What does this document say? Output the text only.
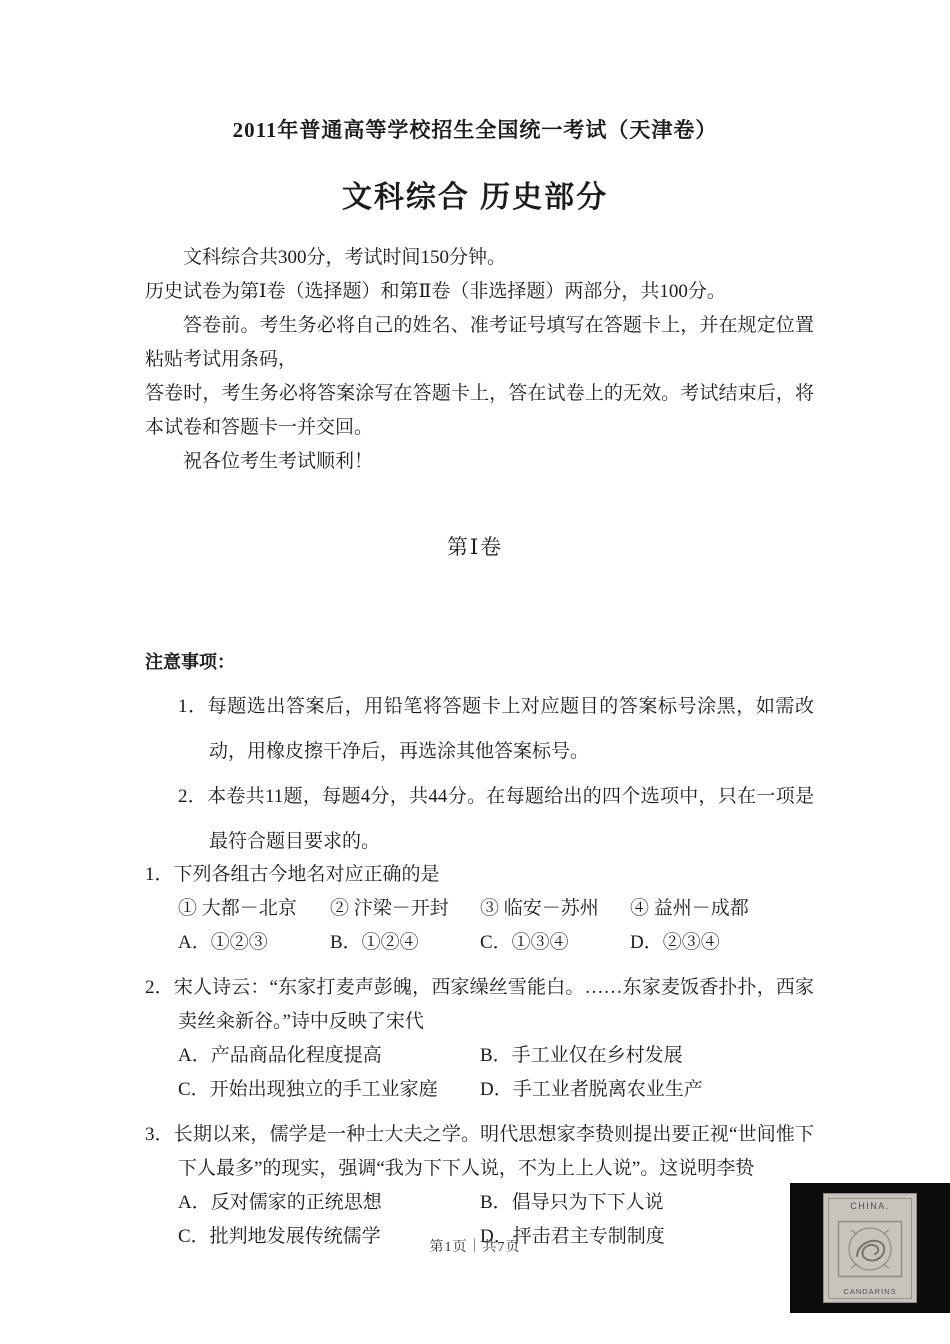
2011年普通高等学校招生全国统一考试（天津卷）
文科综合 历史部分

文科综合共300分，考试时间150分钟。

历史试卷为第Ⅰ卷（选择题）和第Ⅱ卷（非选择题）两部分，共100分。

答卷前。考生务必将自己的姓名、准考证号填写在答题卡上，并在规定位置粘贴考试用条码，

答卷时，考生务必将答案涂写在答题卡上，答在试卷上的无效。考试结束后，将本试卷和答题卡一并交回。

祝各位考生考试顺利！

第Ⅰ卷

注意事项：

1．每题选出答案后，用铅笔将答题卡上对应题目的答案标号涂黑，如需改动，用橡皮擦干净后，再选涂其他答案标号。

2．本卷共11题，每题4分，共44分。在每题给出的四个选项中，只在一项是最符合题目要求的。

1．下列各组古今地名对应正确的是

① 大都－北京	② 汴梁－开封	③ 临安－苏州	④ 益州－成都
A．①②③	B．①②④	C．①③④	D．②③④

2．宋人诗云：“东家打麦声彭魄，西家缲丝雪能白。……东家麦饭香扑扑，西家卖丝籴新谷。”诗中反映了宋代

A．产品商品化程度提高	B．手工业仅在乡村发展
C．开始出现独立的手工业家庭	D．手工业者脱离农业生产

3．长期以来，儒学是一种士大夫之学。明代思想家李贽则提出要正视“世间惟下下人最多”的现实，强调“我为下下人说，不为上上人说”。这说明李贽

A．反对儒家的正统思想	B．倡导只为下下人说
C．批判地发展传统儒学	D．抨击君主专制制度

第1页｜共7页

CHINA.
CANDARINS
